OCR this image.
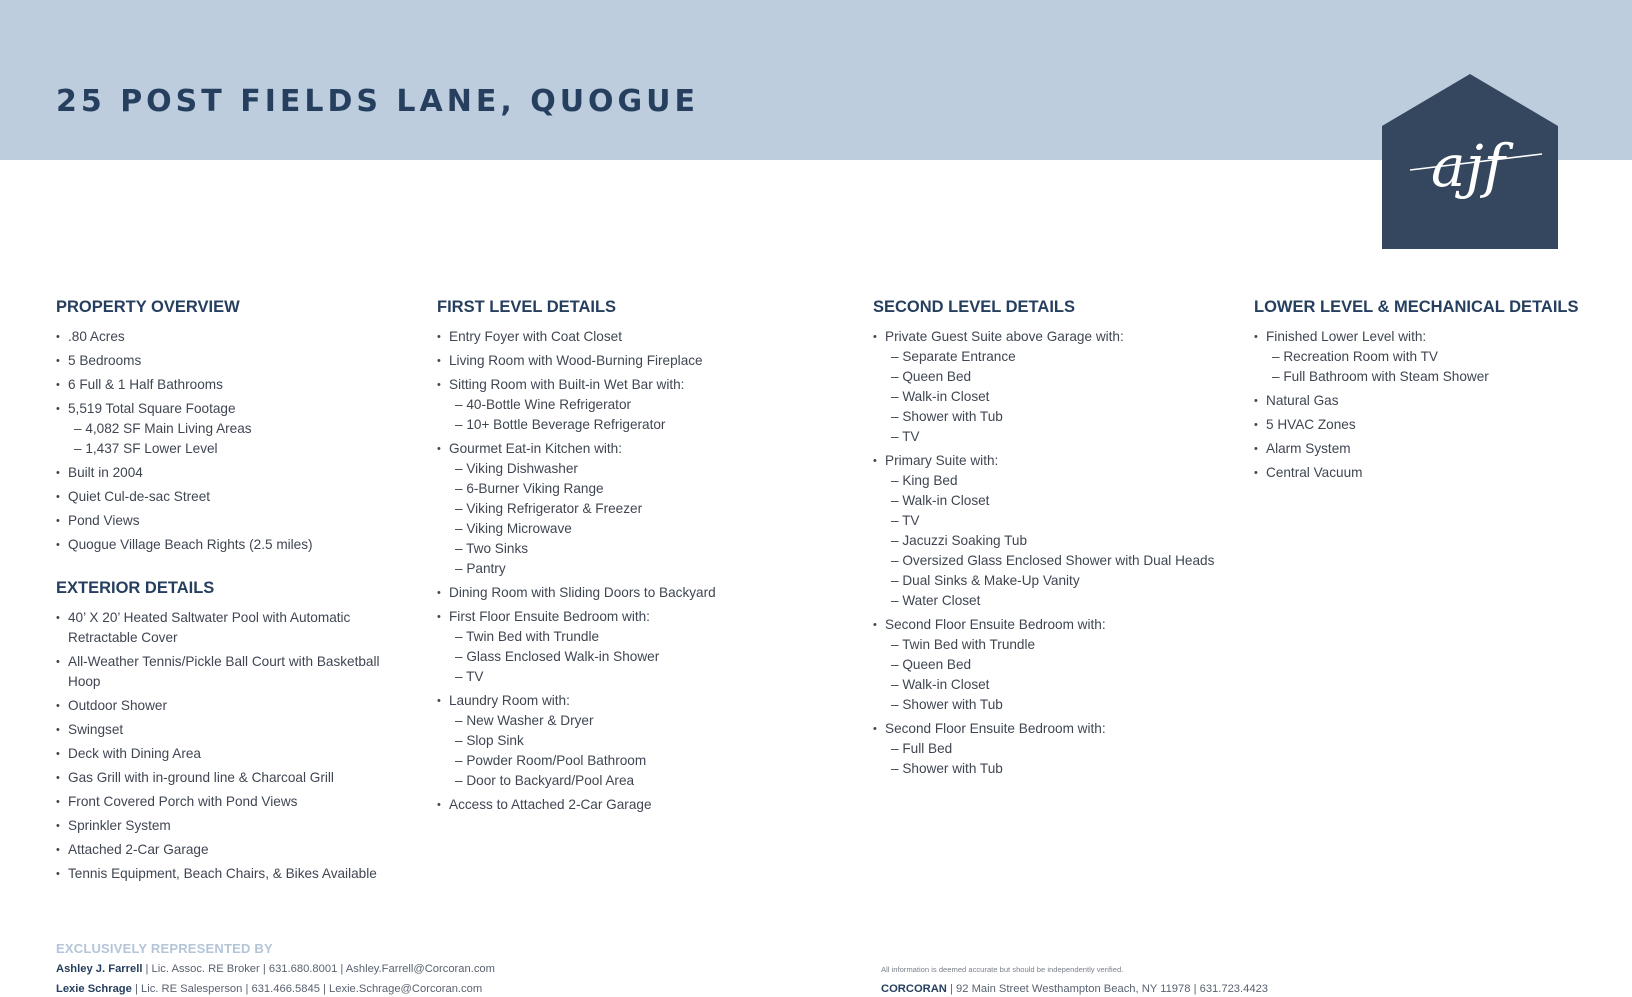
25 POST FIELDS LANE, QUOGUE
ajf
PROPERTY OVERVIEW
• .80 Acres
• 5 Bedrooms
• 6 Full & 1 Half Bathrooms
• 5,519 Total Square Footage
– 4,082 SF Main Living Areas
– 1,437 SF Lower Level
• Built in 2004
• Quiet Cul-de-sac Street
• Pond Views
• Quogue Village Beach Rights (2.5 miles)
EXTERIOR DETAILS
• 40’ X 20’ Heated Saltwater Pool with Automatic Retractable Cover
• All-Weather Tennis/Pickle Ball Court with Basketball Hoop
• Outdoor Shower
• Swingset
• Deck with Dining Area
• Gas Grill with in-ground line & Charcoal Grill
• Front Covered Porch with Pond Views
• Sprinkler System
• Attached 2-Car Garage
• Tennis Equipment, Beach Chairs, & Bikes Available
FIRST LEVEL DETAILS
• Entry Foyer with Coat Closet
• Living Room with Wood-Burning Fireplace
• Sitting Room with Built-in Wet Bar with:
– 40-Bottle Wine Refrigerator
– 10+ Bottle Beverage Refrigerator
• Gourmet Eat-in Kitchen with:
– Viking Dishwasher
– 6-Burner Viking Range
– Viking Refrigerator & Freezer
– Viking Microwave
– Two Sinks
– Pantry
• Dining Room with Sliding Doors to Backyard
• First Floor Ensuite Bedroom with:
– Twin Bed with Trundle
– Glass Enclosed Walk-in Shower
– TV
• Laundry Room with:
– New Washer & Dryer
– Slop Sink
– Powder Room/Pool Bathroom
– Door to Backyard/Pool Area
• Access to Attached 2-Car Garage
SECOND LEVEL DETAILS
• Private Guest Suite above Garage with:
– Separate Entrance
– Queen Bed
– Walk-in Closet
– Shower with Tub
– TV
• Primary Suite with:
– King Bed
– Walk-in Closet
– TV
– Jacuzzi Soaking Tub
– Oversized Glass Enclosed Shower with Dual Heads
– Dual Sinks & Make-Up Vanity
– Water Closet
• Second Floor Ensuite Bedroom with:
– Twin Bed with Trundle
– Queen Bed
– Walk-in Closet
– Shower with Tub
• Second Floor Ensuite Bedroom with:
– Full Bed
– Shower with Tub
LOWER LEVEL & MECHANICAL DETAILS
• Finished Lower Level with:
– Recreation Room with TV
– Full Bathroom with Steam Shower
• Natural Gas
• 5 HVAC Zones
• Alarm System
• Central Vacuum
EXCLUSIVELY REPRESENTED BY
Ashley J. Farrell | Lic. Assoc. RE Broker | 631.680.8001 | Ashley.Farrell@Corcoran.com
Lexie Schrage | Lic. RE Salesperson | 631.466.5845 | Lexie.Schrage@Corcoran.com
All information is deemed accurate but should be independently verified.
CORCORAN | 92 Main Street Westhampton Beach, NY 11978 | 631.723.4423
